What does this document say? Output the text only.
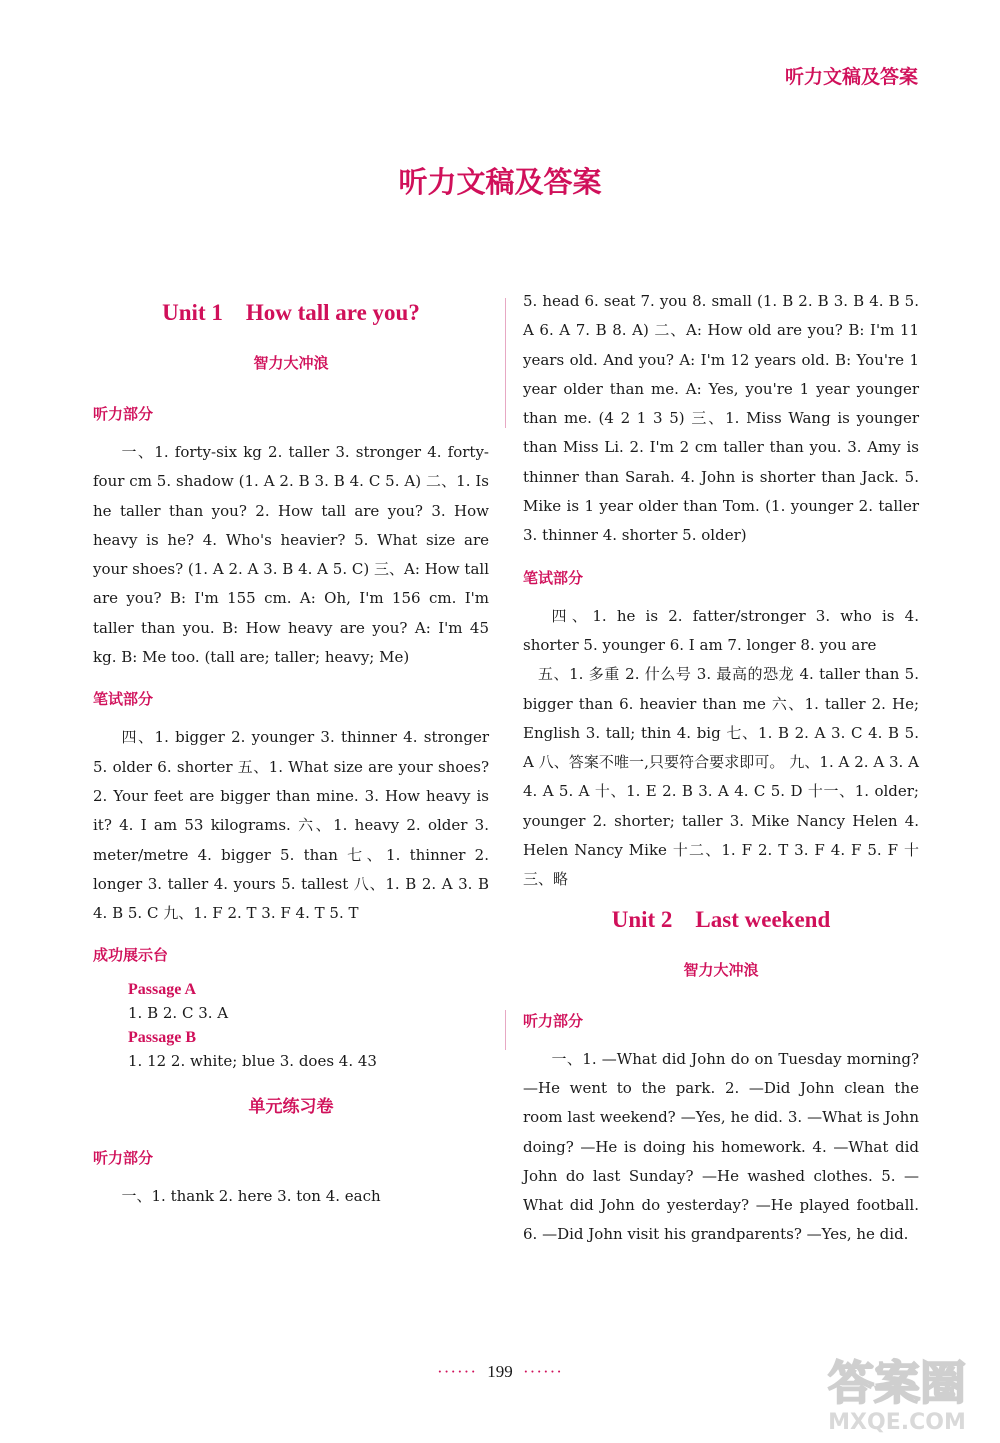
听力文稿及答案
听力文稿及答案
Unit 1    How tall are you?
智力大冲浪
听力部分

一、1. forty-six kg 2. taller 3. stronger 4. forty-four cm 5. shadow (1. A 2. B 3. B 4. C 5. A) 二、1. Is he taller than you? 2. How tall are you? 3. How heavy is he? 4. Who's heavier? 5. What size are your shoes? (1. A 2. A 3. B 4. A 5. C) 三、A: How tall are you? B: I'm 155 cm. A: Oh, I'm 156 cm. I'm taller than you. B: How heavy are you? A: I'm 45 kg. B: Me too. (tall are; taller; heavy; Me)

笔试部分

四、1. bigger 2. younger 3. thinner 4. stronger 5. older 6. shorter 五、1. What size are your shoes? 2. Your feet are bigger than mine. 3. How heavy is it? 4. I am 53 kilograms. 六、1. heavy 2. older 3. meter/metre 4. bigger 5. than 七、1. thinner 2. longer 3. taller 4. yours 5. tallest 八、1. B 2. A 3. B 4. B 5. C 九、1. F 2. T 3. F 4. T 5. T

成功展示台
Passage A

1. B 2. C 3. A

Passage B

1. 12 2. white; blue 3. does 4. 43

单元练习卷
听力部分

一、1. thank 2. here 3. ton 4. each

5. head 6. seat 7. you 8. small (1. B 2. B 3. B 4. B 5. A 6. A 7. B 8. A) 二、A: How old are you? B: I'm 11 years old. And you? A: I'm 12 years old. B: You're 1 year older than me. A: Yes, you're 1 year younger than me. (4 2 1 3 5) 三、1. Miss Wang is younger than Miss Li. 2. I'm 2 cm taller than you. 3. Amy is thinner than Sarah. 4. John is shorter than Jack. 5. Mike is 1 year older than Tom. (1. younger 2. taller 3. thinner 4. shorter 5. older)

笔试部分

四、1. he is 2. fatter/stronger 3. who is 4. shorter 5. younger 6. I am 7. longer 8. you are

五、1. 多重 2. 什么号 3. 最高的恐龙 4. taller than 5. bigger than 6. heavier than me 六、1. taller 2. He; English 3. tall; thin 4. big 七、1. B 2. A 3. C 4. B 5. A 八、答案不唯一,只要符合要求即可。 九、1. A 2. A 3. A 4. A 5. A 十、1. E 2. B 3. A 4. C 5. D 十一、1. older; younger 2. shorter; taller 3. Mike Nancy Helen 4. Helen Nancy Mike 十二、1. F 2. T 3. F 4. F 5. F 十三、略

Unit 2    Last weekend
智力大冲浪
听力部分

一、1. —What did John do on Tuesday morning? —He went to the park. 2. —Did John clean the room last weekend? —Yes, he did. 3. —What is John doing? —He is doing his homework. 4. —What did John do last Sunday? —He washed clothes. 5. —What did John do yesterday? —He played football. 6. —Did John visit his grandparents? —Yes, he did.

······ 199 ······	答案圈
MXQE.COM
